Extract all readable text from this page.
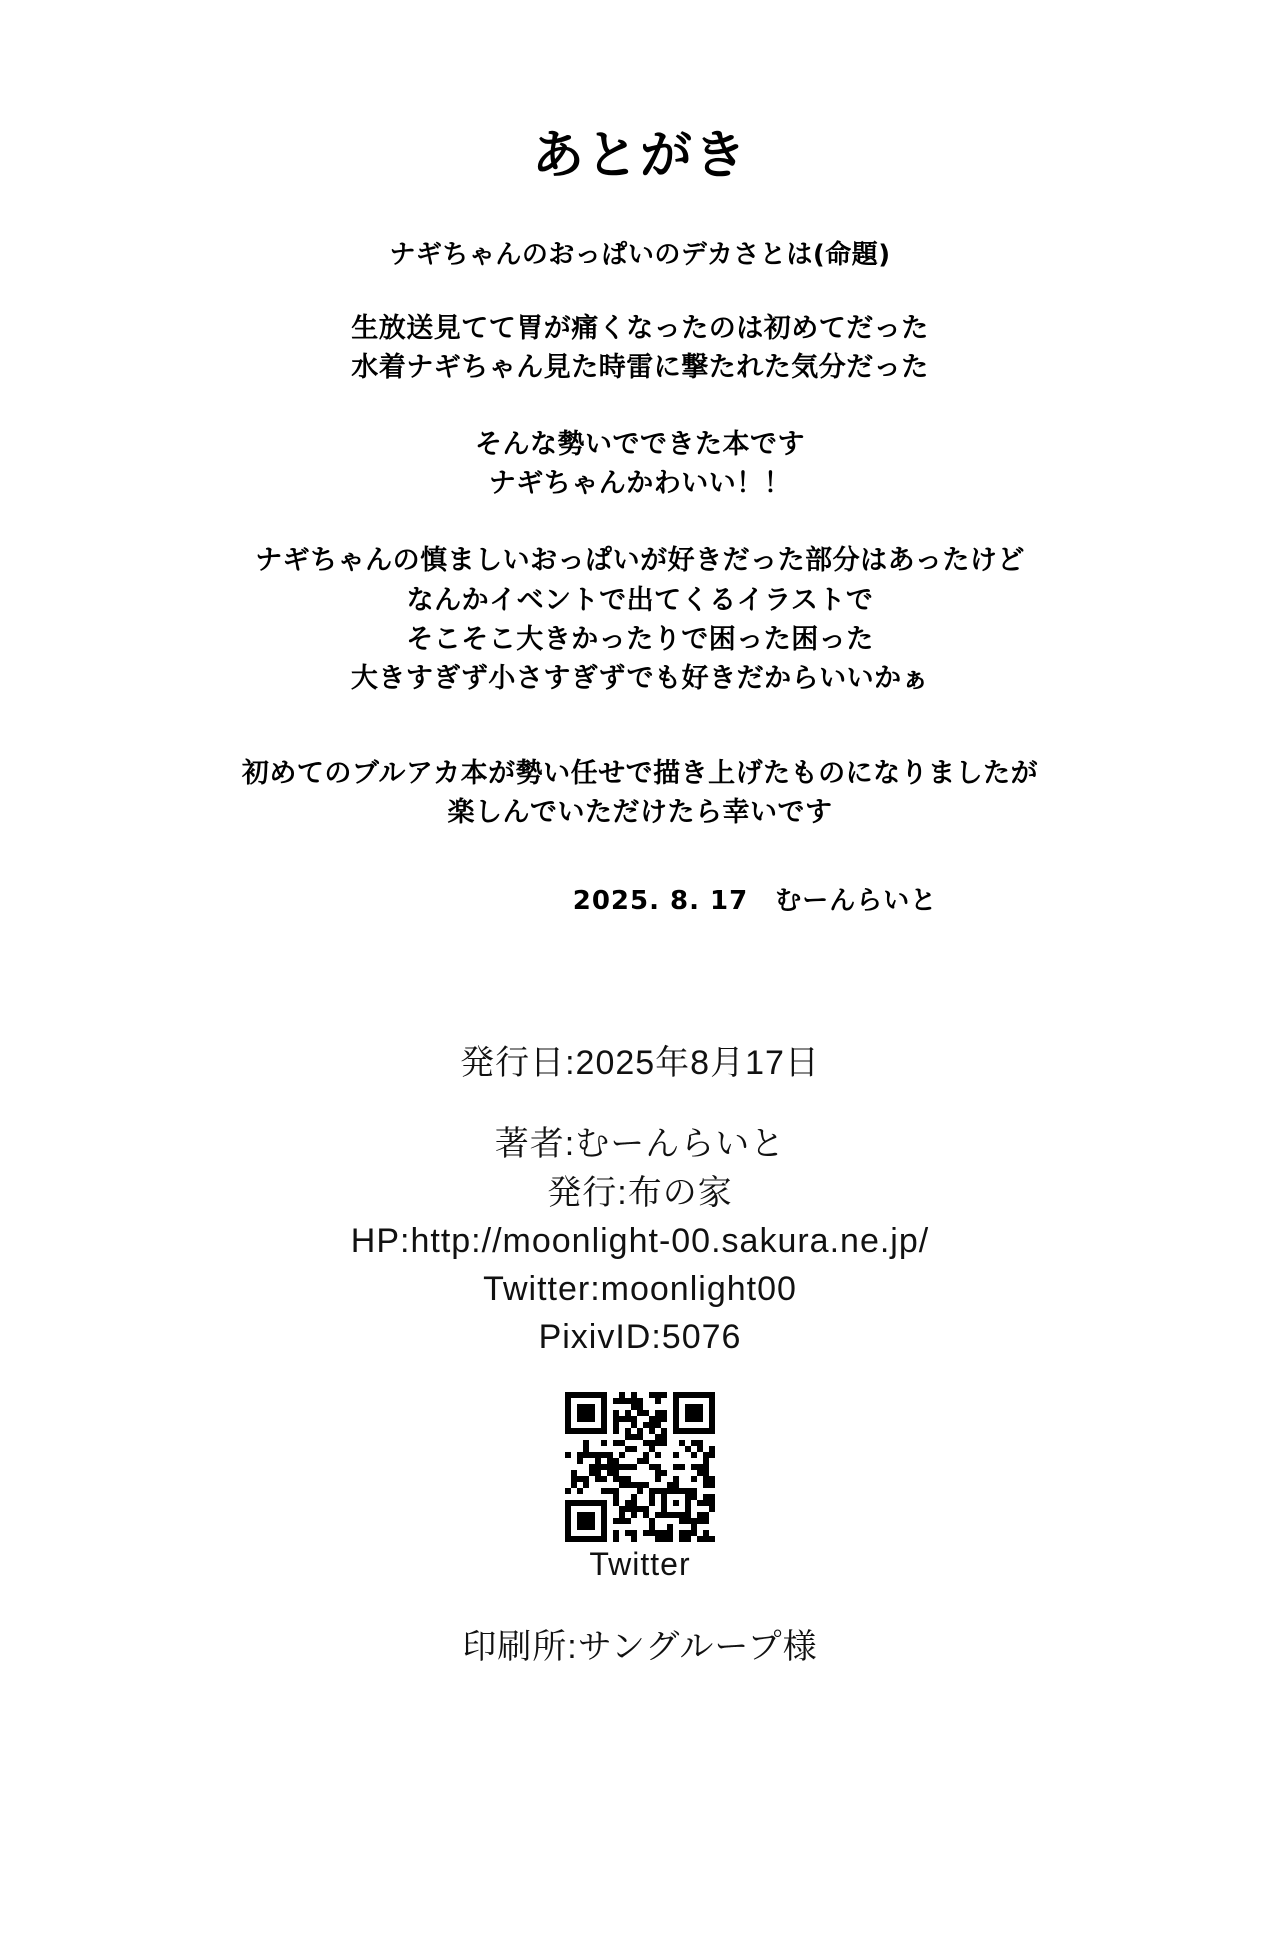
あとがき
ナギちゃんのおっぱいのデカさとは(命題)
生放送見てて胃が痛くなったのは初めてだった
水着ナギちゃん見た時雷に撃たれた気分だった
そんな勢いでできた本です
ナギちゃんかわいい！！
ナギちゃんの慎ましいおっぱいが好きだった部分はあったけど
なんかイベントで出てくるイラストで
そこそこ大きかったりで困った困った
大きすぎず小さすぎずでも好きだからいいかぁ
初めてのブルアカ本が勢い任せで描き上げたものになりましたが
楽しんでいただけたら幸いです
2025. 8. 17　むーんらいと
発行日:2025年8月17日
著者:むーんらいと
発行:布の家
HP:http://moonlight-00.sakura.ne.jp/
Twitter:moonlight00
PixivID:5076
Twitter
印刷所:サングループ様
